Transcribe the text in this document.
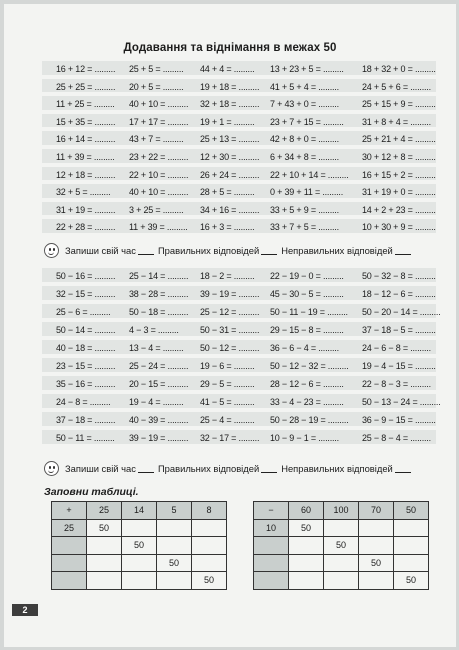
Додавання та віднімання в межах 50
16 + 12 = ......... 25 + 5 = ......... 44 + 4 = ......... 13 + 23 + 5 = ......... 18 + 32 + 0 = .........
25 + 25 = ......... 20 + 5 = ......... 19 + 18 = ......... 41 + 5 + 4 = .........	24 + 5 + 6 = .........
11 + 25 = ......... 40 + 10 = ......... 32 + 18 = ......... 7 + 43 + 0 = .........	25 + 15 + 9 = .........
15 + 35 = ......... 17 + 17 = ......... 19 + 1 = ......... 23 + 7 + 15 = ......... 31 + 8 + 4 = .........
16 + 14 = ......... 43 + 7 = ......... 25 + 13 = ......... 42 + 8 + 0 = .........	25 + 21 + 4 = .........
11 + 39 = ......... 23 + 22 = ......... 12 + 30 = ......... 6 + 34 + 8 = .........	30 + 12 + 8 = .........
12 + 18 = ......... 22 + 10 = ......... 26 + 24 = ......... 22 + 10 + 14 = ......... 16 + 15 + 2 = .........
32 + 5 = ......... 40 + 10 = ......... 28 + 5 = ......... 0 + 39 + 11 = ......... 31 + 19 + 0 = .........
31 + 19 = ......... 3 + 25 = ......... 34 + 16 = ......... 33 + 5 + 9 = .........	14 + 2 + 23 = .........
22 + 28 = ......... 11 + 39 = ......... 16 + 3 = ......... 33 + 7 + 5 = .........	10 + 30 + 9 = .........
Запиши свій час Правильних відповідей Неправильних відповідей
50 − 16 = ......... 25 − 14 = ......... 18 − 2 = ......... 22 − 19 − 0 = ......... 50 − 32 − 8 = .........
32 − 15 = ......... 38 − 28 = ......... 39 − 19 = ......... 45 − 30 − 5 = ......... 18 − 12 − 6 = .........
25 − 6 = ......... 50 − 18 = ......... 25 − 12 = ......... 50 − 11 − 19 = ......... 50 − 20 − 14 = .........
50 − 14 = ......... 4 − 3 = ......... 50 − 31 = ......... 29 − 15 − 8 = ......... 37 − 18 − 5 = .........
40 − 18 = ......... 13 − 4 = ......... 50 − 12 = ......... 36 − 6 − 4 = .........	24 − 6 − 8 = .........
23 − 15 = ......... 25 − 24 = ......... 19 − 6 = ......... 50 − 12 − 32 = ......... 19 − 4 − 15 = .........
35 − 16 = ......... 20 − 15 = ......... 29 − 5 = ......... 28 − 12 − 6 = ......... 22 − 8 − 3 = .........
24 − 8 = ......... 19 − 4 = ......... 41 − 5 = ......... 33 − 4 − 23 = ......... 50 − 13 − 24 = .........
37 − 18 = ......... 40 − 39 = ......... 25 − 4 = ......... 50 − 28 − 19 = ......... 36 − 9 − 15 = .........
50 − 11 = ......... 39 − 19 = ......... 32 − 17 = ......... 10 − 9 − 1 = .........	25 − 8 − 4 = .........
Запиши свій час Правильних відповідей Неправильних відповідей
Заповни таблиці.
+	25	14	5	8
25	50			
		50		
			50	
				50
−	60	100	70	50
10	50			
		50		
			50	
				50
2
